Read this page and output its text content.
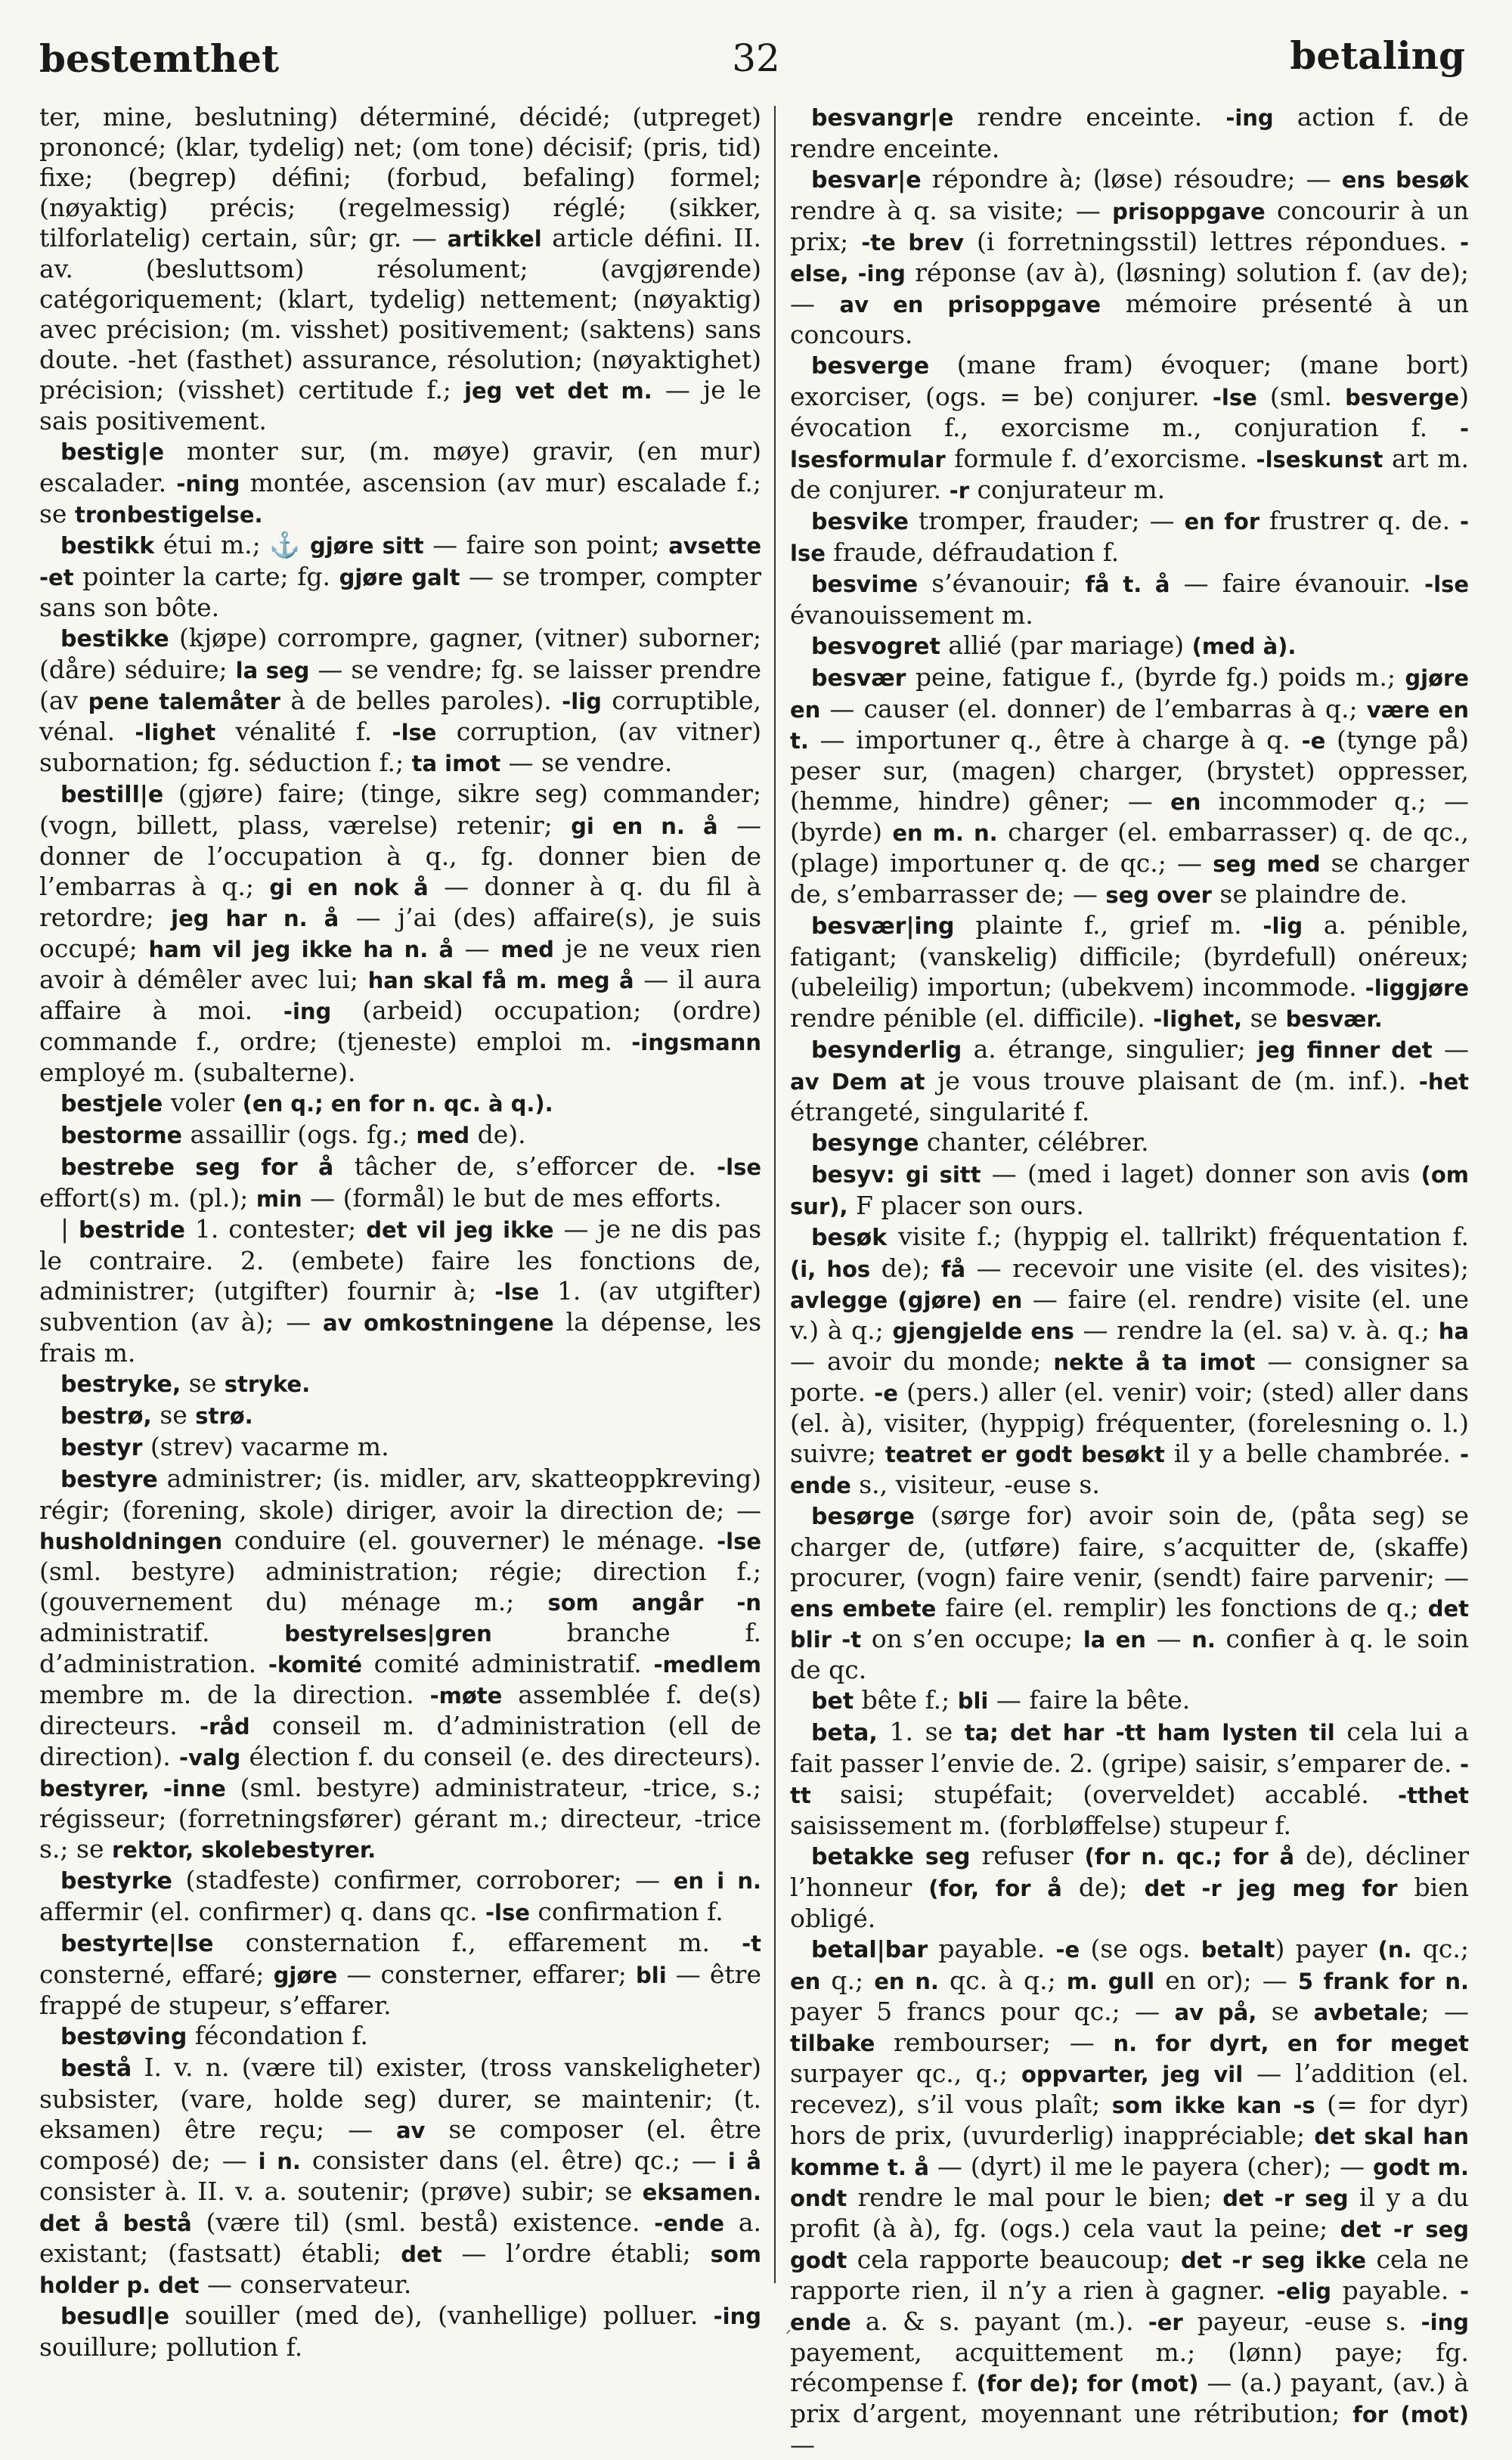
bestemthet	32	betaling

ter, mine, beslutning) déterminé, décidé; (utpreget) prononcé; (klar, tydelig) net; (om tone) décisif; (pris, tid) fixe; (begrep) défini; (forbud, befaling) formel; (nøyaktig) précis; (regelmessig) réglé; (sikker, tilforlatelig) certain, sûr; gr. — artikkel article défini. II. av. (besluttsom) résolument; (avgjørende) catégoriquement; (klart, tydelig) nettement; (nøyaktig) avec précision; (m. visshet) positivement; (saktens) sans doute. -het (fasthet) assurance, résolution; (nøyaktighet) précision; (visshet) certitude f.; jeg vet det m. — je le sais positivement.

bestig|e monter sur, (m. møye) gravir, (en mur) escalader. -ning montée, ascension (av mur) escalade f.; se tronbestigelse.

bestikk étui m.; ⚓ gjøre sitt — faire son point; avsette -et pointer la carte; fg. gjøre galt — se tromper, compter sans son bôte.

bestikke (kjøpe) corrompre, gagner, (vitner) suborner; (dåre) séduire; la seg — se vendre; fg. se laisser prendre (av pene talemåter à de belles paroles). -lig corruptible, vénal. -lighet vénalité f. -lse corruption, (av vitner) subornation; fg. séduction f.; ta imot — se vendre.

bestill|e (gjøre) faire; (tinge, sikre seg) commander; (vogn, billett, plass, værelse) retenir; gi en n. å — donner de l’occupation à q., fg. donner bien de l’embarras à q.; gi en nok å — donner à q. du fil à retordre; jeg har n. å — j’ai (des) affaire(s), je suis occupé; ham vil jeg ikke ha n. å — med je ne veux rien avoir à démêler avec lui; han skal få m. meg å — il aura affaire à moi. -ing (arbeid) occupation; (ordre) commande f., ordre; (tjeneste) emploi m. -ingsmann employé m. (subalterne).

bestjele voler (en q.; en for n. qc. à q.).

bestorme assaillir (ogs. fg.; med de).

bestrebe seg for å tâcher de, s’efforcer de. -lse effort(s) m. (pl.); min — (formål) le but de mes efforts.

| bestride 1. contester; det vil jeg ikke — je ne dis pas le contraire. 2. (embete) faire les fonctions de, administrer; (utgifter) fournir à; -lse 1. (av utgifter) subvention (av à); — av omkostningene la dépense, les frais m.

bestryke, se stryke.

bestrø, se strø.

bestyr (strev) vacarme m.

bestyre administrer; (is. midler, arv, skatteoppkreving) régir; (forening, skole) diriger, avoir la direction de; — husholdningen conduire (el. gouverner) le ménage. -lse (sml. bestyre) administration; régie; direction f.; (gouvernement du) ménage m.; som angår -n administratif. bestyrelses|gren branche f. d’administration. -komité comité administratif. -medlem membre m. de la direction. -møte assemblée f. de(s) directeurs. -råd conseil m. d’administration (ell de direction). -valg élection f. du conseil (e. des directeurs). bestyrer, -inne (sml. bestyre) administrateur, -trice, s.; régisseur; (forretningsfører) gérant m.; directeur, -trice s.; se rektor, skolebestyrer.

bestyrke (stadfeste) confirmer, corroborer; — en i n. affermir (el. confirmer) q. dans qc. -lse confirmation f.

bestyrte|lse consternation f., effarement m. -t consterné, effaré; gjøre — consterner, effarer; bli — être frappé de stupeur, s’effarer.

bestøving fécondation f.

bestå I. v. n. (være til) exister, (tross vanskeligheter) subsister, (vare, holde seg) durer, se maintenir; (t. eksamen) être reçu; — av se composer (el. être composé) de; — i n. consister dans (el. être) qc.; — i å consister à. II. v. a. soutenir; (prøve) subir; se eksamen. det å bestå (være til) (sml. bestå) existence. -ende a. existant; (fastsatt) établi; det — l’ordre établi; som holder p. det — conservateur.

besudl|e souiller (med de), (vanhellige) polluer. -ing souillure; pollution f.

besvangr|e rendre enceinte. -ing action f. de rendre enceinte.

besvar|e répondre à; (løse) résoudre; — ens besøk rendre à q. sa visite; — prisoppgave concourir à un prix; -te brev (i forretningsstil) lettres répondues. -else, -ing réponse (av à), (løsning) solution f. (av de); — av en prisoppgave mémoire présenté à un concours.

besverge (mane fram) évoquer; (mane bort) exorciser, (ogs. = be) conjurer. -lse (sml. besverge) évocation f., exorcisme m., conjuration f. -lsesformular formule f. d’exorcisme. -lseskunst art m. de conjurer. -r conjurateur m.

besvike tromper, frauder; — en for frustrer q. de. -lse fraude, défraudation f.

besvime s’évanouir; få t. å — faire évanouir. -lse évanouissement m.

besvogret allié (par mariage) (med à).

besvær peine, fatigue f., (byrde fg.) poids m.; gjøre en — causer (el. donner) de l’embarras à q.; være en t. — importuner q., être à charge à q. -e (tynge på) peser sur, (magen) charger, (brystet) oppresser, (hemme, hindre) gêner; — en incommoder q.; — (byrde) en m. n. charger (el. embarrasser) q. de qc., (plage) importuner q. de qc.; — seg med se charger de, s’embarrasser de; — seg over se plaindre de.

besvær|ing plainte f., grief m. -lig a. pénible, fatigant; (vanskelig) difficile; (byrdefull) onéreux; (ubeleilig) importun; (ubekvem) incommode. -liggjøre rendre pénible (el. difficile). -lighet, se besvær.

besynderlig a. étrange, singulier; jeg finner det — av Dem at je vous trouve plaisant de (m. inf.). -het étrangeté, singularité f.

besynge chanter, célébrer.

besyv: gi sitt — (med i laget) donner son avis (om sur), F placer son ours.

besøk visite f.; (hyppig el. tallrikt) fréquentation f. (i, hos de); få — recevoir une visite (el. des visites); avlegge (gjøre) en — faire (el. rendre) visite (el. une v.) à q.; gjengjelde ens — rendre la (el. sa) v. à. q.; ha — avoir du monde; nekte å ta imot — consigner sa porte. -e (pers.) aller (el. venir) voir; (sted) aller dans (el. à), visiter, (hyppig) fréquenter, (forelesning o. l.) suivre; teatret er godt besøkt il y a belle chambrée. -ende s., visiteur, -euse s.

besørge (sørge for) avoir soin de, (påta seg) se charger de, (utføre) faire, s’acquitter de, (skaffe) procurer, (vogn) faire venir, (sendt) faire parvenir; — ens embete faire (el. remplir) les fonctions de q.; det blir -t on s’en occupe; la en — n. confier à q. le soin de qc.

bet bête f.; bli — faire la bête.

beta, 1. se ta; det har -tt ham lysten til cela lui a fait passer l’envie de. 2. (gripe) saisir, s’emparer de. -tt saisi; stupéfait; (overveldet) accablé. -tthet saisissement m. (forbløffelse) stupeur f.

betakke seg refuser (for n. qc.; for å de), décliner l’honneur (for, for å de); det -r jeg meg for bien obligé.

betal|bar payable. -e (se ogs. betalt) payer (n. qc.; en q.; en n. qc. à q.; m. gull en or); — 5 frank for n. payer 5 francs pour qc.; — av på, se avbetale; — tilbake rembourser; — n. for dyrt, en for meget surpayer qc., q.; oppvarter, jeg vil — l’addition (el. recevez), s’il vous plaît; som ikke kan -s (= for dyr) hors de prix, (uvurderlig) inappréciable; det skal han komme t. å — (dyrt) il me le payera (cher); — godt m. ondt rendre le mal pour le bien; det -r seg il y a du profit (à à), fg. (ogs.) cela vaut la peine; det -r seg godt cela rapporte beaucoup; det -r seg ikke cela ne rapporte rien, il n’y a rien à gagner. -elig payable. -ende a. & s. payant (m.). -er payeur, -euse s. -ing payement, acquittement m.; (lønn) paye; fg. récompense f. (for de); for (mot) — (a.) payant, (av.) à prix d’argent, moyennant une rétribution; for (mot) —

´
